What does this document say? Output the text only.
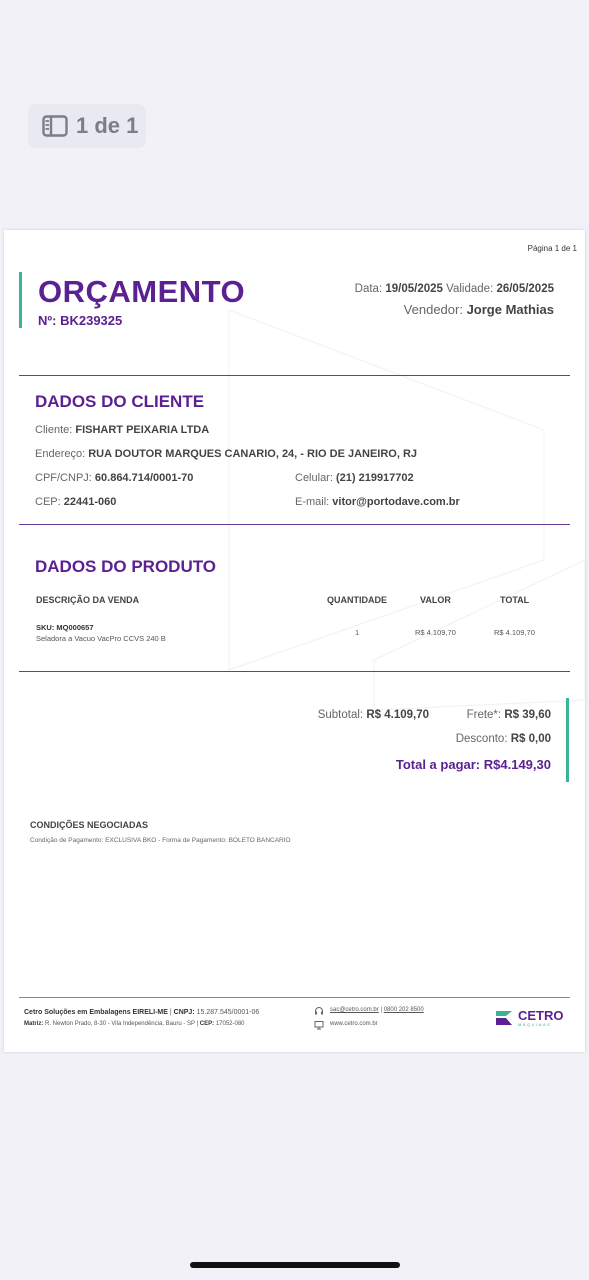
1 de 1
Página 1 de 1
ORÇAMENTO
Nº: BK239325
Data: 19/05/2025 Validade: 26/05/2025
Vendedor: Jorge Mathias
DADOS DO CLIENTE
Cliente: FISHART PEIXARIA LTDA
Endereço: RUA DOUTOR MARQUES CANARIO, 24, - RIO DE JANEIRO, RJ
CPF/CNPJ: 60.864.714/0001-70	Celular: (21) 219917702
CEP: 22441-060	E-mail: vitor@portodave.com.br
DADOS DO PRODUTO
DESCRIÇÃO DA VENDA	QUANTIDADE	VALOR	TOTAL
SKU: MQ000657
Seladora a Vacuo VacPro CCVS 240 B
1	R$ 4.109,70	R$ 4.109,70
Subtotal: R$ 4.109,70	Frete*: R$ 39,60
Desconto: R$ 0,00
Total a pagar: R$4.149,30
CONDIÇÕES NEGOCIADAS
Condição de Pagamento: EXCLUSIVA BKO - Forma de Pagamento: BOLETO BANCARIO
Cetro Soluções em Embalagens EIRELI-ME | CNPJ: 15.287.545/0001-06
Matriz: R. Newton Prado, 8-30 - Vila Independência, Bauru - SP | CEP: 17052-080
sac@cetro.com.br | 0800 202 8500
www.cetro.com.br
CETRO
MÁQUINAS
